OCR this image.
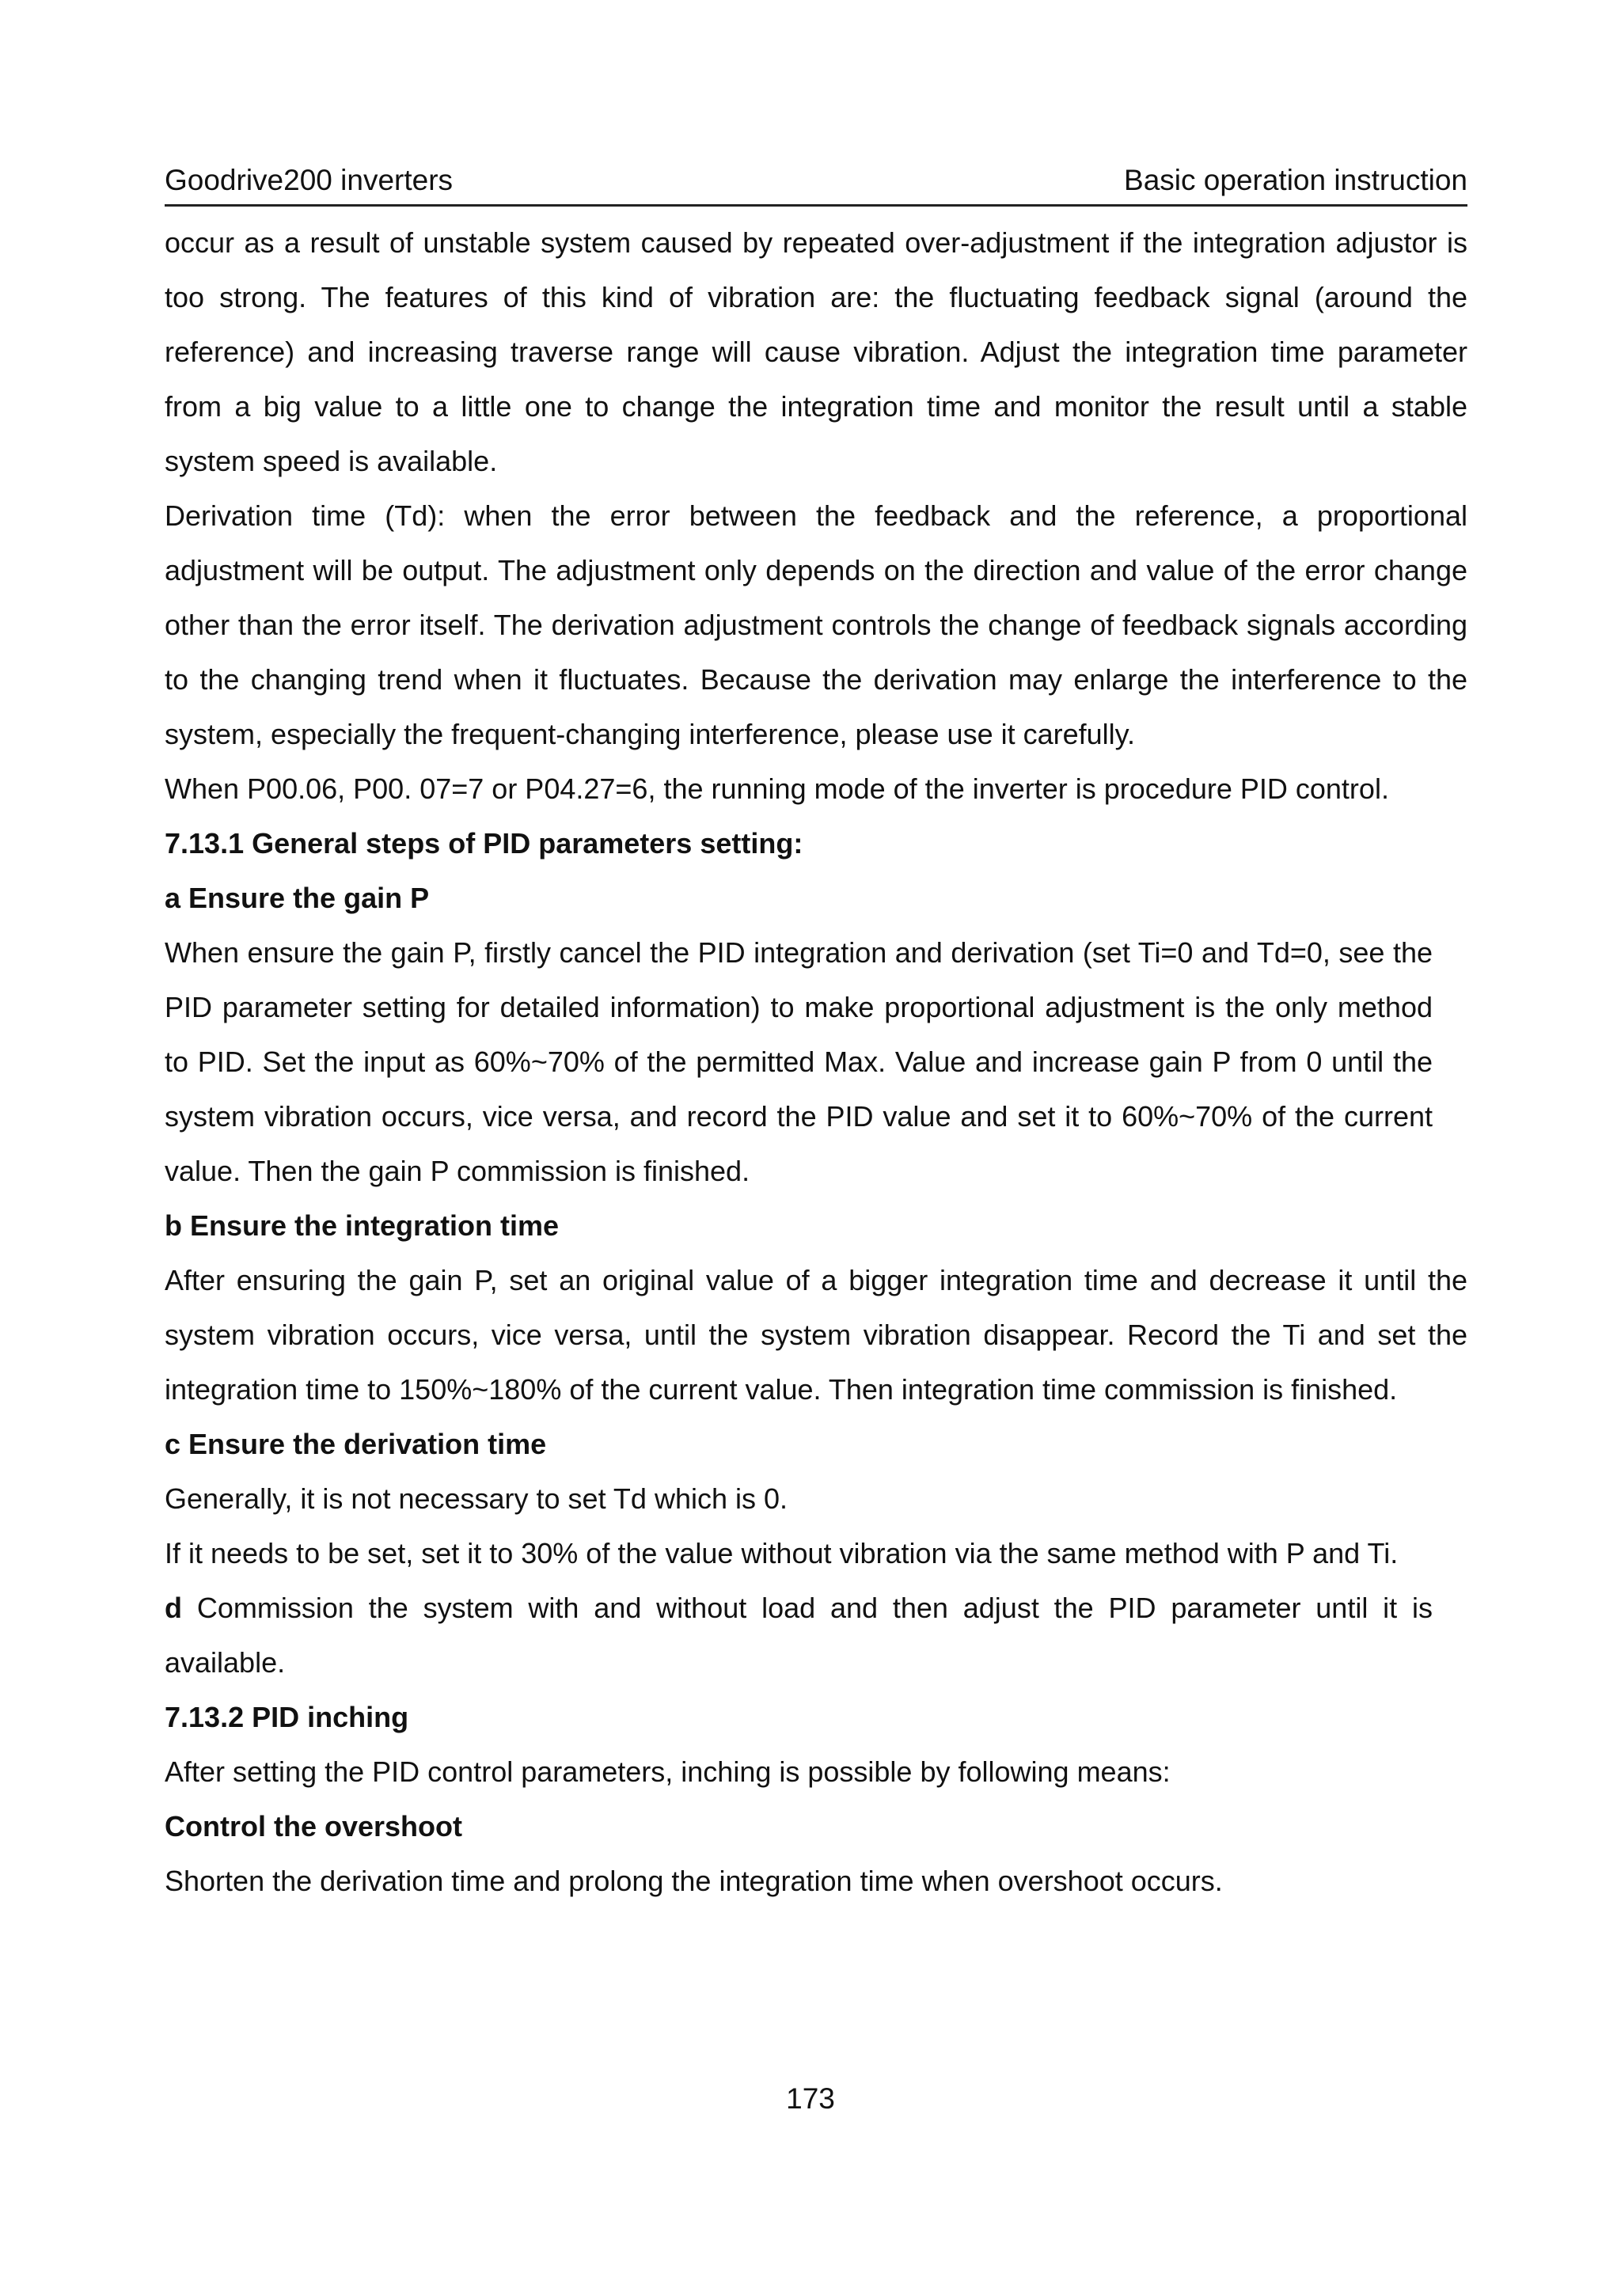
Goodrive200 inverters	Basic operation instruction

occur as a result of unstable system caused by repeated over-adjustment if the integration adjustor is too strong. The features of this kind of vibration are: the fluctuating feedback signal (around the reference) and increasing traverse range will cause vibration. Adjust the integration time parameter from a big value to a little one to change the integration time and monitor the result until a stable system speed is available.

Derivation time (Td): when the error between the feedback and the reference, a proportional adjustment will be output. The adjustment only depends on the direction and value of the error change other than the error itself. The derivation adjustment controls the change of feedback signals according to the changing trend when it fluctuates. Because the derivation may enlarge the interference to the system, especially the frequent-changing interference, please use it carefully.

When P00.06, P00. 07=7 or P04.27=6, the running mode of the inverter is procedure PID control.

7.13.1 General steps of PID parameters setting:

a Ensure the gain P

When ensure the gain P, firstly cancel the PID integration and derivation (set Ti=0 and Td=0, see the PID parameter setting for detailed information) to make proportional adjustment is the only method to PID. Set the input as 60%~70% of the permitted Max. Value and increase gain P from 0 until the system vibration occurs, vice versa, and record the PID value and set it to 60%~70% of the current value. Then the gain P commission is finished.

b Ensure the integration time

After ensuring the gain P, set an original value of a bigger integration time and decrease it until the system vibration occurs, vice versa, until the system vibration disappear. Record the Ti and set the integration time to 150%~180% of the current value. Then integration time commission is finished.

c Ensure the derivation time

Generally, it is not necessary to set Td which is 0.

If it needs to be set, set it to 30% of the value without vibration via the same method with P and Ti.

d Commission the system with and without load and then adjust the PID parameter until it is available.

7.13.2 PID inching

After setting the PID control parameters, inching is possible by following means:

Control the overshoot

Shorten the derivation time and prolong the integration time when overshoot occurs.

173
